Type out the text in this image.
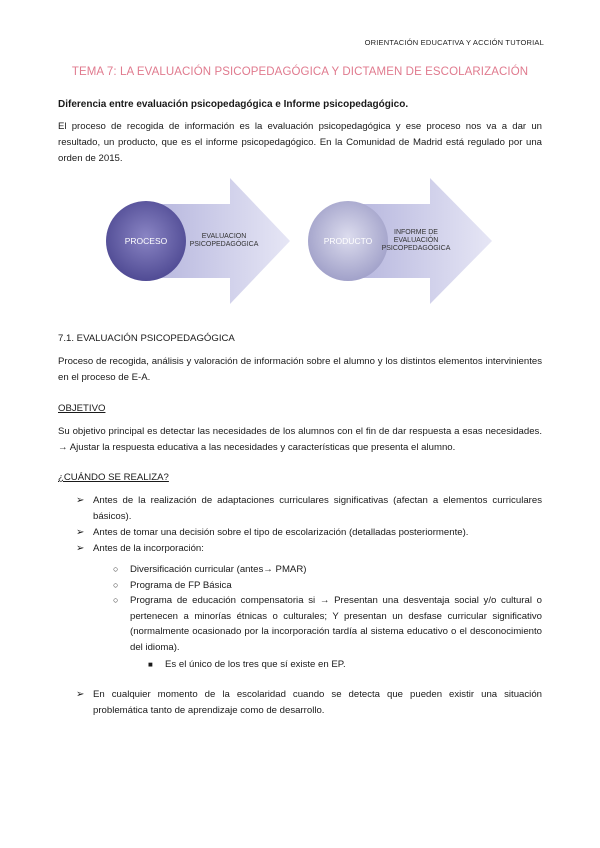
ORIENTACIÓN EDUCATIVA Y ACCIÓN TUTORIAL
TEMA 7: LA EVALUACIÓN PSICOPEDAGÓGICA Y DICTAMEN DE ESCOLARIZACIÓN
Diferencia entre evaluación psicopedagógica e Informe psicopedagógico.
El proceso de recogida de información es la evaluación psicopedagógica y ese proceso nos va a dar un resultado, un producto, que es el informe psicopedagógico. En la Comunidad de Madrid está regulado por una orden de 2015.
PROCESO	PRODUCTO
EVALUACION
PSICOPEDAGÓGICA
INFORME DE
EVALUACIÓN
PSICOPEDAGÓGICA
7.1. EVALUACIÓN PSICOPEDAGÓGICA
Proceso de recogida, análisis y valoración de información sobre el alumno y los distintos elementos intervinientes en el proceso de E-A.
OBJETIVO
Su objetivo principal es detectar las necesidades de los alumnos con el fin de dar respuesta a esas necesidades. → Ajustar la respuesta educativa a las necesidades y características que presenta el alumno.
¿CUÁNDO SE REALIZA?
➢ Antes de la realización de adaptaciones curriculares significativas (afectan a elementos curriculares básicos).
➢ Antes de tomar una decisión sobre el tipo de escolarización (detalladas posteriormente).
➢ Antes de la incorporación:
○ Diversificación curricular (antes→ PMAR)
○ Programa de FP Básica
○ Programa de educación compensatoria si → Presentan una desventaja social y/o cultural o pertenecen a minorías étnicas o culturales; Y presentan un desfase curricular significativo (normalmente ocasionado por la incorporación tardía al sistema educativo o el desconocimiento del idioma).
■ Es el único de los tres que sí existe en EP.
➢ En cualquier momento de la escolaridad cuando se detecta que pueden existir una situación problemática tanto de aprendizaje como de desarrollo.
